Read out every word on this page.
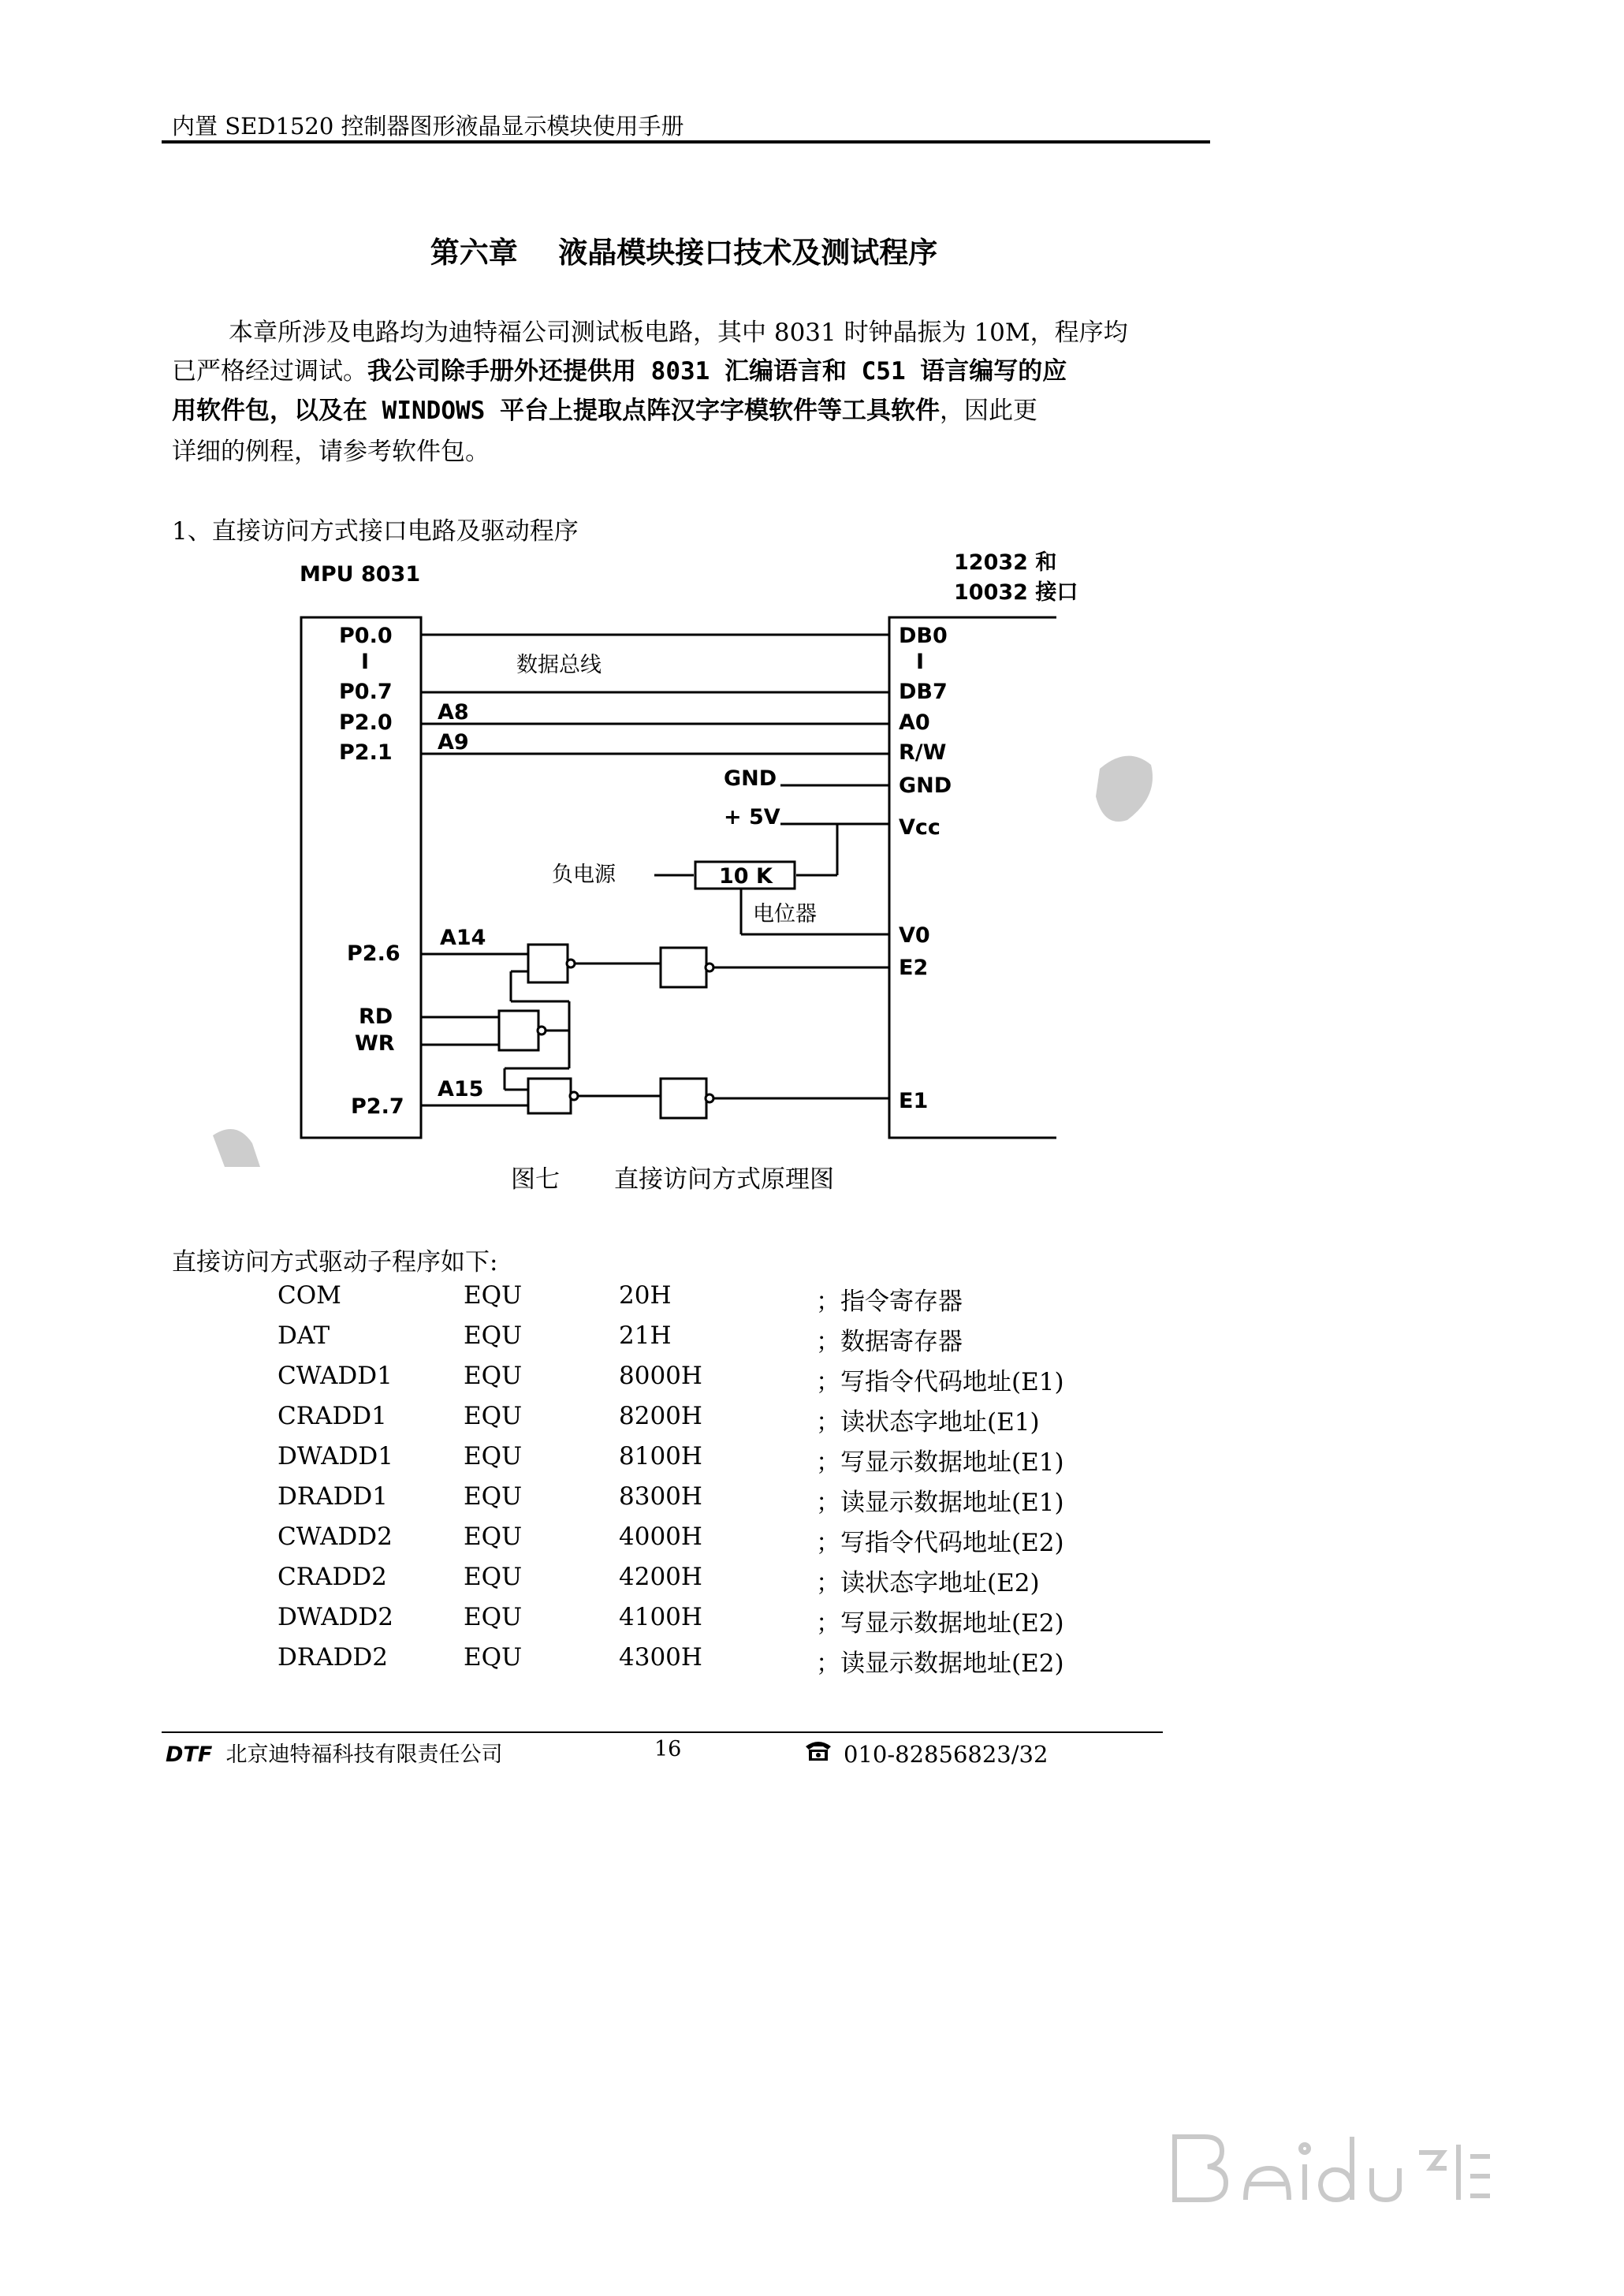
内置 SED1520 控制器图形液晶显示模块使用手册
第六章    液晶模块接口技术及测试程序
本章所涉及电路均为迪特福公司测试板电路，其中 8031 时钟晶振为 10M，程序均
已严格经过调试。我公司除手册外还提供用 8031 汇编语言和 C51 语言编写的应
用软件包，以及在 WINDOWS 平台上提取点阵汉字字模软件等工具软件，因此更
详细的例程，请参考软件包。
1、直接访问方式接口电路及驱动程序
MPU 8031	12032 和
10032 接口
P0.0
I
P0.7
P2.0
P2.1
P2.6
RD
WR
P2.7
DB0
I
DB7
A0
R/W
GND
Vcc
V0
E2
E1
10 K
数据总线
A8
A9
GND
+ 5V
负电源
电位器
A14
A15
图七       直接访问方式原理图
直接访问方式驱动子程序如下:
COM	EQU	20H	；指令寄存器
DAT	EQU	21H	；数据寄存器
CWADD1	EQU	8000H	；写指令代码地址(E1)
CRADD1	EQU	8200H	；读状态字地址(E1)
DWADD1	EQU	8100H	；写显示数据地址(E1)
DRADD1	EQU	8300H	；读显示数据地址(E1)
CWADD2	EQU	4000H	；写指令代码地址(E2)
CRADD2	EQU	4200H	；读状态字地址(E2)
DWADD2	EQU	4100H	；写显示数据地址(E2)
DRADD2	EQU	4300H	；读显示数据地址(E2)
DTF 北京迪特福科技有限责任公司	16	010-82856823/32
